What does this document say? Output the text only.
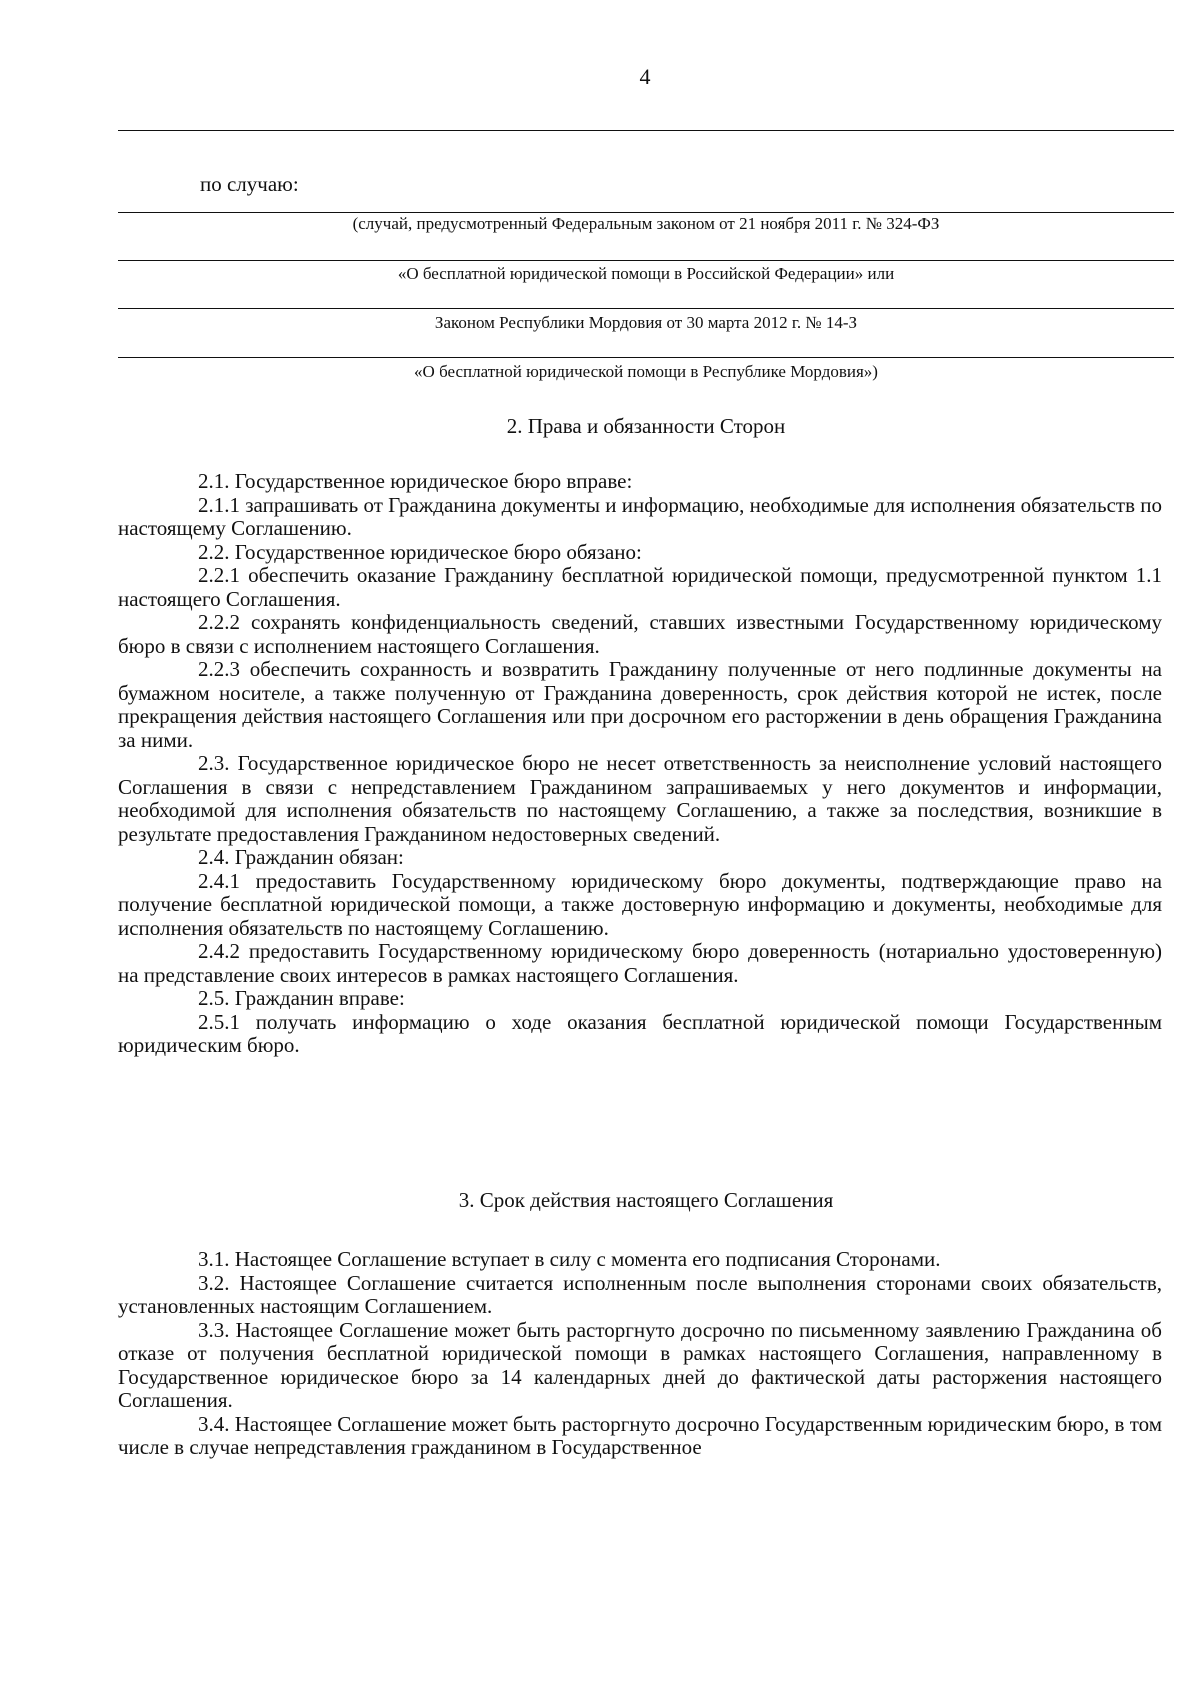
4
по случаю:
(случай, предусмотренный Федеральным законом от 21 ноября 2011 г. № 324-ФЗ
«О бесплатной юридической помощи в Российской Федерации» или
Законом Республики Мордовия от 30 марта 2012 г. № 14-З
«О бесплатной юридической помощи в Республике Мордовия»)
2. Права и обязанности Сторон

2.1. Государственное юридическое бюро вправе:

2.1.1 запрашивать от Гражданина документы и информацию, необходимые для исполнения обязательств по настоящему Соглашению.

2.2. Государственное юридическое бюро обязано:

2.2.1 обеспечить оказание Гражданину бесплатной юридической помощи, предусмотренной пунктом 1.1 настоящего Соглашения.

2.2.2 сохранять конфиденциальность сведений, ставших известными Государственному юридическому бюро в связи с исполнением настоящего Соглашения.

2.2.3 обеспечить сохранность и возвратить Гражданину полученные от него подлинные документы на бумажном носителе, а также полученную от Гражданина доверенность, срок действия которой не истек, после прекращения действия настоящего Соглашения или при досрочном его расторжении в день обращения Гражданина за ними.

2.3. Государственное юридическое бюро не несет ответственность за неисполнение условий настоящего Соглашения в связи с непредставлением Гражданином запрашиваемых у него документов и информации, необходимой для исполнения обязательств по настоящему Соглашению, а также за последствия, возникшие в результате предоставления Гражданином недостоверных сведений.

2.4. Гражданин обязан:

2.4.1 предоставить Государственному юридическому бюро документы, подтверждающие право на получение бесплатной юридической помощи, а также достоверную информацию и документы, необходимые для исполнения обязательств по настоящему Соглашению.

2.4.2 предоставить Государственному юридическому бюро доверенность (нотариально удостоверенную) на представление своих интересов в рамках настоящего Соглашения.

2.5. Гражданин вправе:

2.5.1 получать информацию о ходе оказания бесплатной юридической помощи Государственным юридическим бюро.

3. Срок действия настоящего Соглашения

3.1. Настоящее Соглашение вступает в силу с момента его подписания Сторонами.

3.2. Настоящее Соглашение считается исполненным после выполнения сторонами своих обязательств, установленных настоящим Соглашением.

3.3. Настоящее Соглашение может быть расторгнуто досрочно по письменному заявлению Гражданина об отказе от получения бесплатной юридической помощи в рамках настоящего Соглашения, направленному в Государственное юридическое бюро за 14 календарных дней до фактической даты расторжения настоящего Соглашения.

3.4. Настоящее Соглашение может быть расторгнуто досрочно Государственным юридическим бюро, в том числе в случае непредставления гражданином в Государственное
